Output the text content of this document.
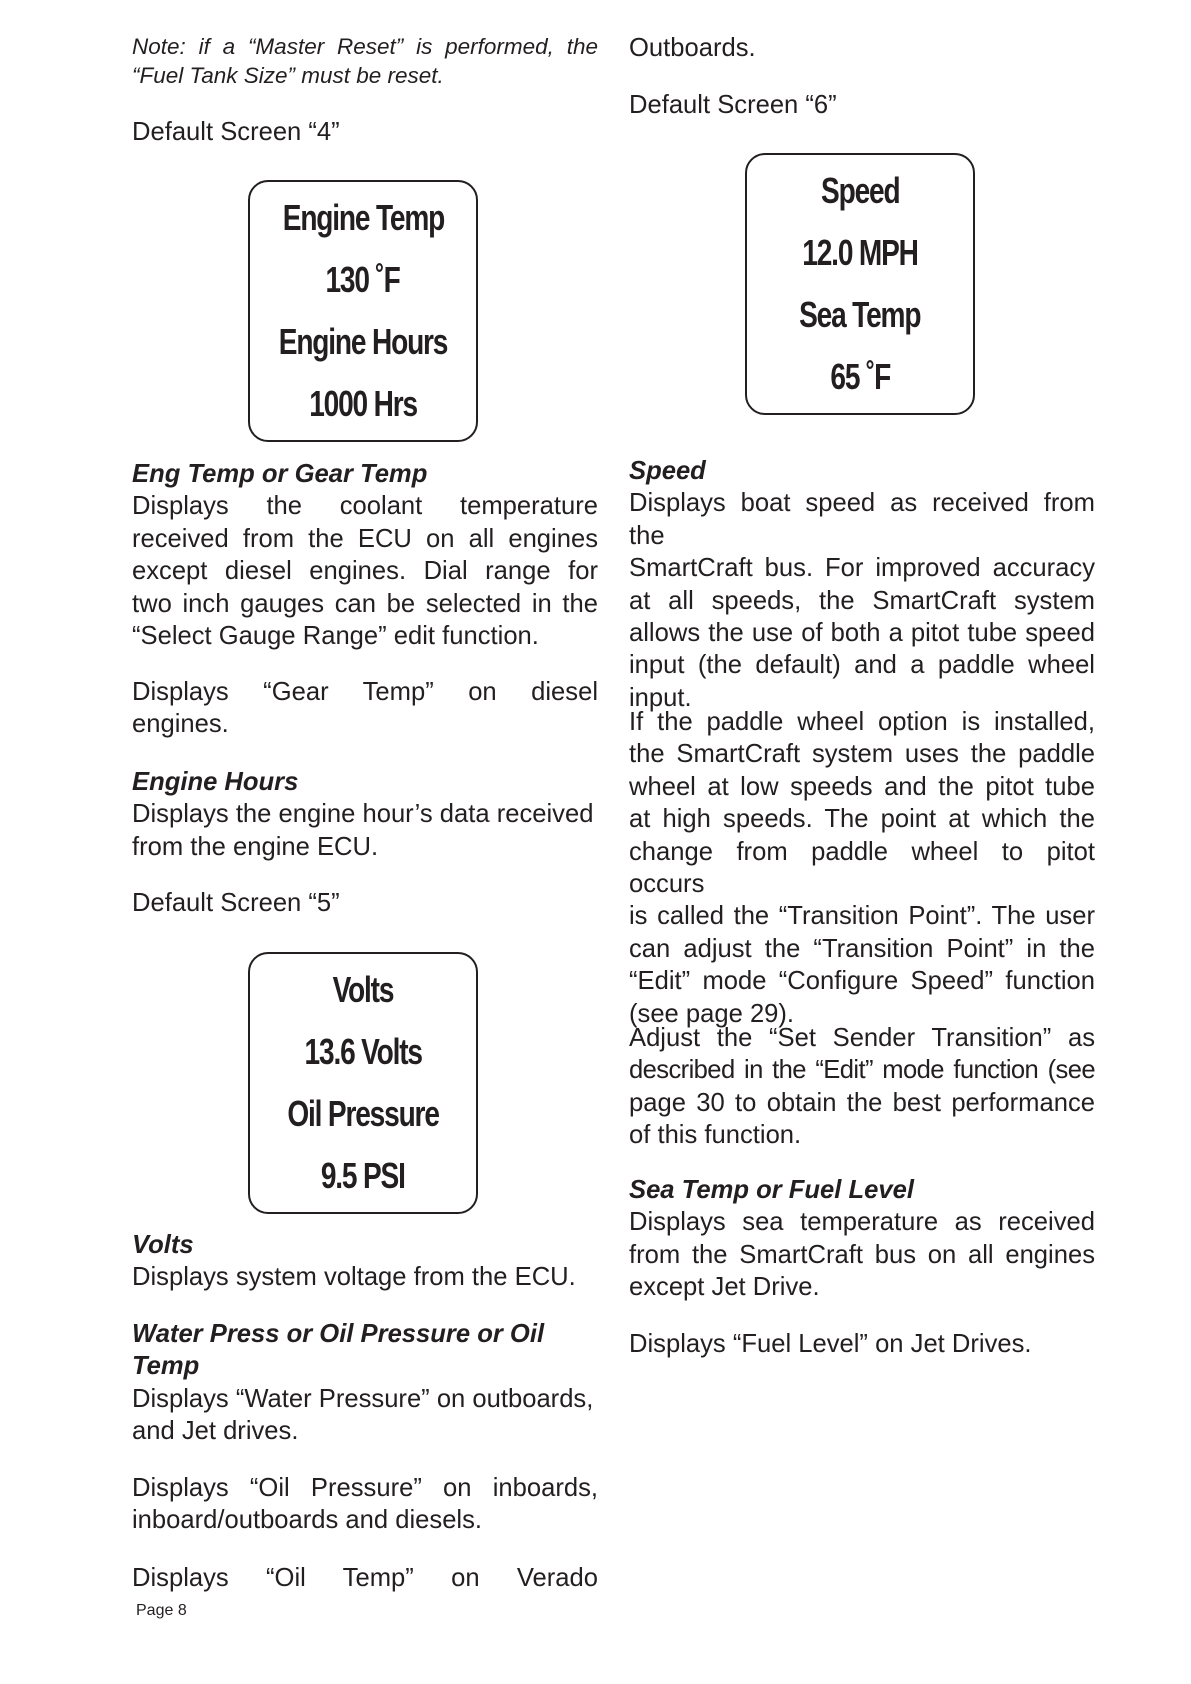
Note: if a “Master Reset” is performed, the “Fuel Tank Size” must be reset.

Default Screen “4”

Engine Temp
130 ˚F
Engine Hours
1000 Hrs

Eng Temp or Gear Temp

Displays the coolant temperature

received from the ECU on all engines

except diesel engines. Dial range for

two inch gauges can be selected in the

“Select Gauge Range” edit function.

Displays “Gear Temp” on diesel

engines.

Engine Hours

Displays the engine hour’s data received

from the engine ECU.

Default Screen “5”

Volts
13.6 Volts
Oil Pressure
9.5 PSI

Volts

Displays system voltage from the ECU.

Water Press or Oil Pressure or Oil

Temp

Displays “Water Pressure” on outboards,

and Jet drives.

Displays “Oil Pressure” on inboards,

inboard/outboards and diesels.

Displays “Oil Temp” on Verado

Outboards.

Default Screen “6”

Speed
12.0 MPH
Sea Temp
65 ˚F

Speed

Displays boat speed as received from the

SmartCraft bus. For improved accuracy

at all speeds, the SmartCraft system

allows the use of both a pitot tube speed

input (the default) and a paddle wheel

input.

If the paddle wheel option is installed,

the SmartCraft system uses the paddle

wheel at low speeds and the pitot tube

at high speeds. The point at which the

change from paddle wheel to pitot occurs

is called the “Transition Point”. The user

can adjust the “Transition Point” in the

“Edit” mode “Configure Speed” function

(see page 29).

Adjust the “Set Sender Transition” as

described in the “Edit” mode function (see

page 30 to obtain the best performance

of this function.

Sea Temp or Fuel Level

Displays sea temperature as received

from the SmartCraft bus on all engines

except Jet Drive.

Displays “Fuel Level” on Jet Drives.

Page 8
